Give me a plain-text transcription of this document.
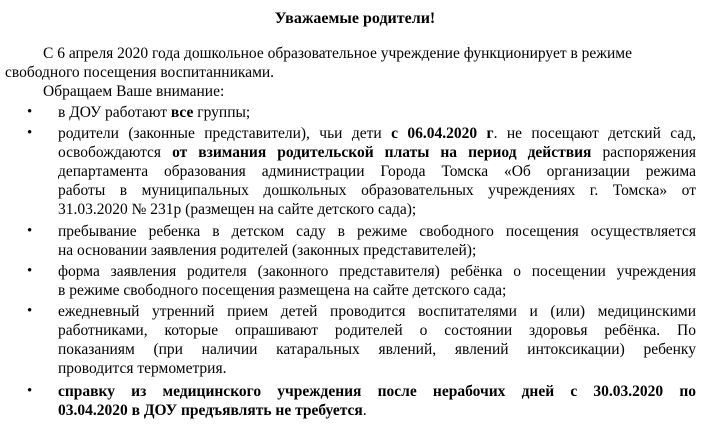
Уважаемые родители!
С 6 апреля 2020 года дошкольное образовательное учреждение функционирует в режиме
свободного посещения воспитанниками.
Обращаем Ваше внимание:
• в ДОУ работают все группы;
• родители (законные представители), чьи дети с 06.04.2020 г. не посещают детский сад,
освобождаются от взимания родительской платы на период действия распоряжения
департамента образования администрации Города Томска «Об организации режима
работы в муниципальных дошкольных образовательных учреждениях г. Томска» от
31.03.2020 № 231р (размещен на сайте детского сада);
• пребывание ребенка в детском саду в режиме свободного посещения осуществляется
на основании заявления родителей (законных представителей);
• форма заявления родителя (законного представителя) ребёнка о посещении учреждения
в режиме свободного посещения размещена на сайте детского сада;
• ежедневный утренний прием детей проводится воспитателями и (или) медицинскими
работниками, которые опрашивают родителей о состоянии здоровья ребёнка. По
показаниям (при наличии катаральных явлений, явлений интоксикации) ребенку
проводится термометрия.
• справку из медицинского учреждения после нерабочих дней с 30.03.2020 по
03.04.2020 в ДОУ предъявлять не требуется.
